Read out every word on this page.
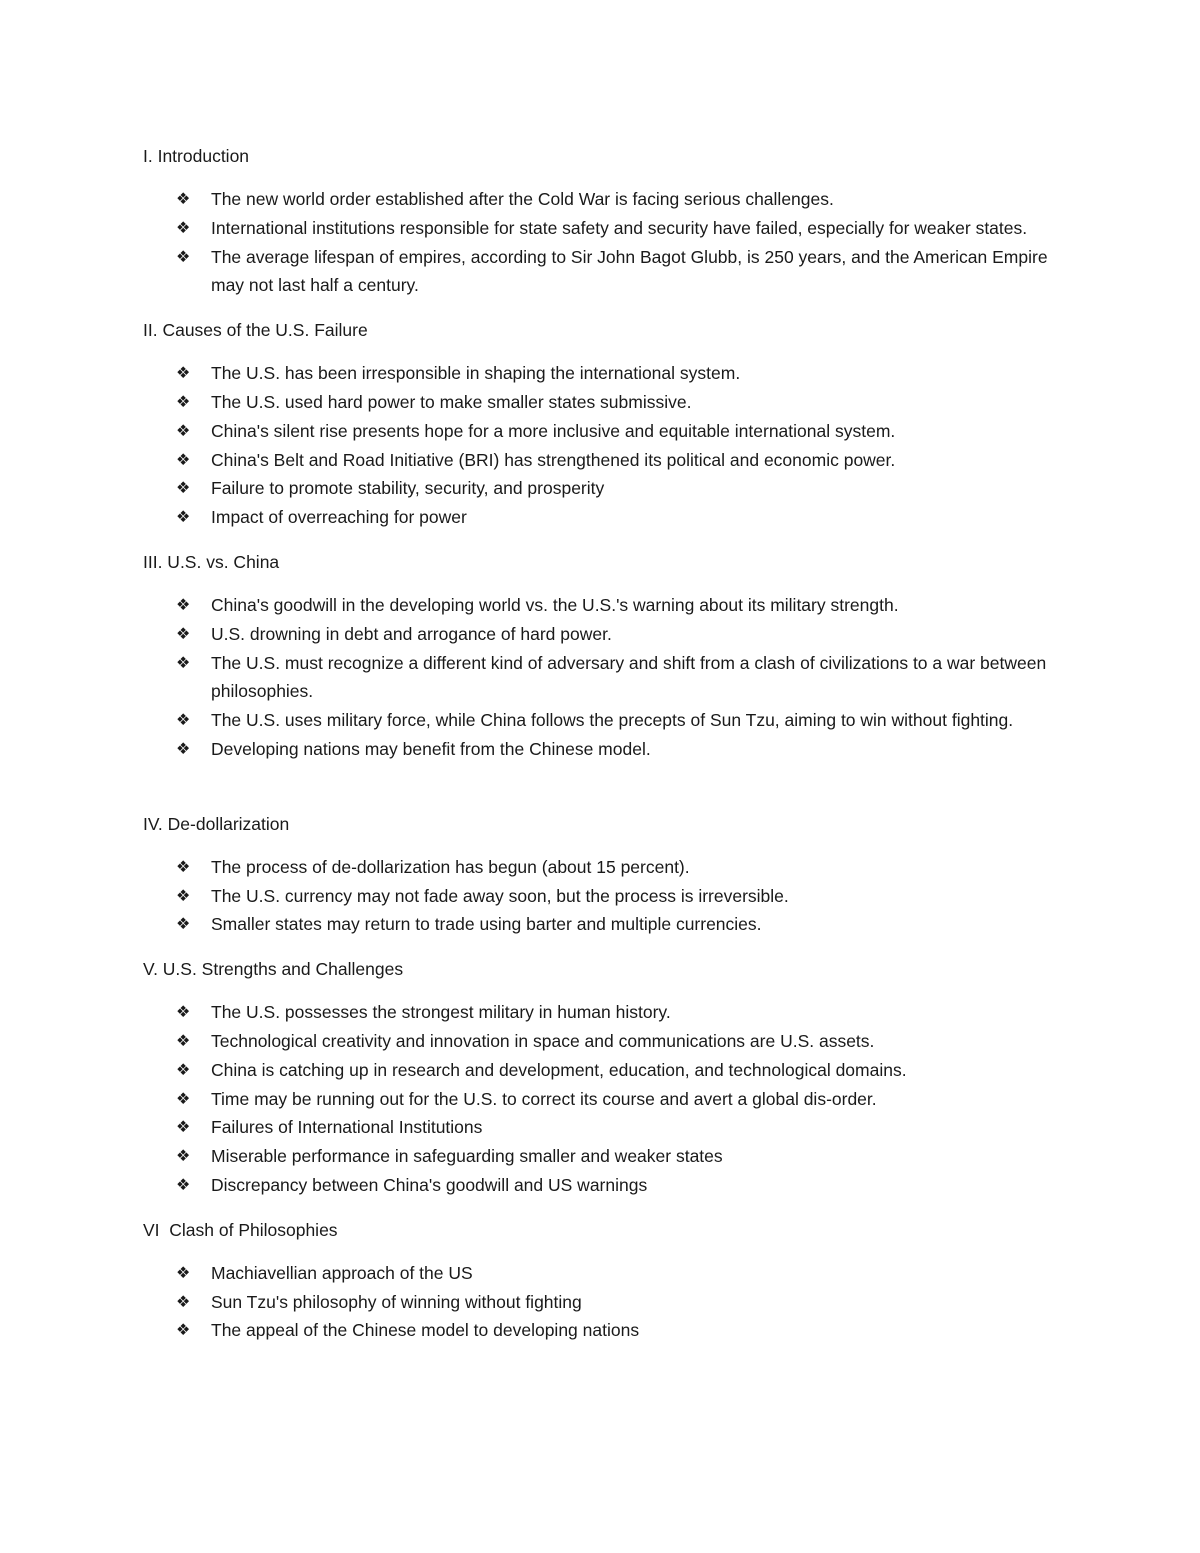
I. Introduction

❖	The new world order established after the Cold War is facing serious challenges.
❖	International institutions responsible for state safety and security have failed, especially for weaker states.
❖	The average lifespan of empires, according to Sir John Bagot Glubb, is 250 years, and the American Empire may not last half a century.

II. Causes of the U.S. Failure

❖	The U.S. has been irresponsible in shaping the international system.
❖	The U.S. used hard power to make smaller states submissive.
❖	China's silent rise presents hope for a more inclusive and equitable international system.
❖	China's Belt and Road Initiative (BRI) has strengthened its political and economic power.
❖	Failure to promote stability, security, and prosperity
❖	Impact of overreaching for power

III. U.S. vs. China

❖	China's goodwill in the developing world vs. the U.S.'s warning about its military strength.
❖	U.S. drowning in debt and arrogance of hard power.
❖	The U.S. must recognize a different kind of adversary and shift from a clash of civilizations to a war between philosophies.
❖	The U.S. uses military force, while China follows the precepts of Sun Tzu, aiming to win without fighting.
❖	Developing nations may benefit from the Chinese model.

IV. De-dollarization

❖	The process of de-dollarization has begun (about 15 percent).
❖	The U.S. currency may not fade away soon, but the process is irreversible.
❖	Smaller states may return to trade using barter and multiple currencies.

V. U.S. Strengths and Challenges

❖	The U.S. possesses the strongest military in human history.
❖	Technological creativity and innovation in space and communications are U.S. assets.
❖	China is catching up in research and development, education, and technological domains.
❖	Time may be running out for the U.S. to correct its course and avert a global dis-order.
❖	Failures of International Institutions
❖	Miserable performance in safeguarding smaller and weaker states
❖	Discrepancy between China's goodwill and US warnings

VI  Clash of Philosophies

❖	Machiavellian approach of the US
❖	Sun Tzu's philosophy of winning without fighting
❖	The appeal of the Chinese model to developing nations
